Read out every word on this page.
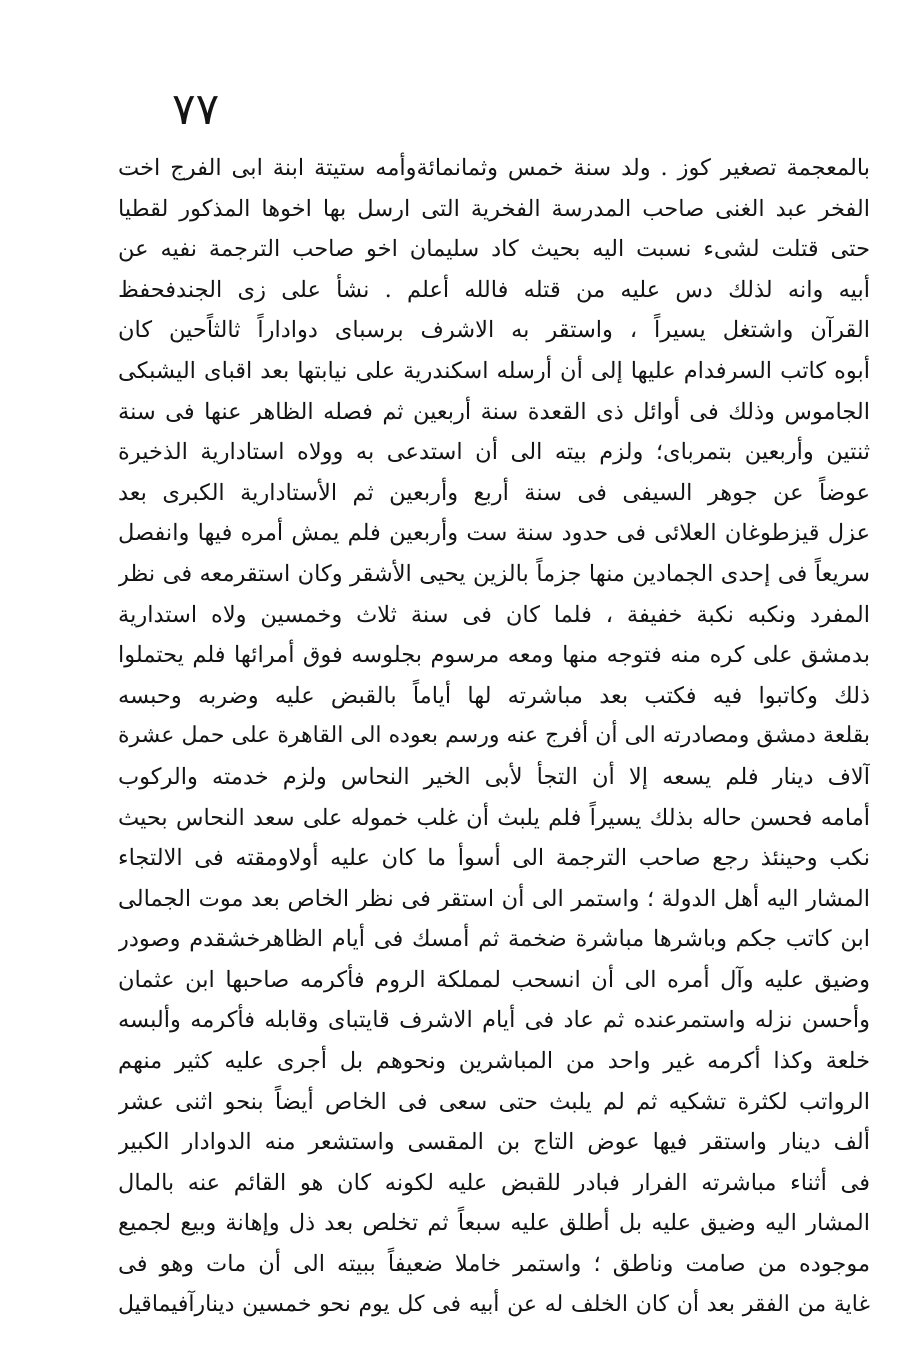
٧٧
بالمعجمة تصغير كوز . ولد سنة خمس وثمانمائةوأمه ستيتة ابنة ابى الفرج اخت
الفخر عبد الغنى صاحب المدرسة الفخرية التى ارسل بها اخوها المذكور لقطيا
حتى قتلت لشىء نسبت اليه بحيث كاد سليمان اخو صاحب الترجمة نفيه عن
أبيه وانه لذلك دس عليه من قتله فالله أعلم . نشأ على زى الجندفحفظ
القرآن واشتغل يسيراً ، واستقر به الاشرف برسباى دواداراً ثالثاًحين كان
أبوه كاتب السرفدام عليها إلى أن أرسله اسكندرية على نيابتها بعد اقباى اليشبكى
الجاموس وذلك فى أوائل ذى القعدة سنة أربعين ثم فصله الظاهر عنها فى سنة
ثنتين وأربعين بتمرباى؛ ولزم بيته الى أن استدعى به وولاه استادارية الذخيرة
عوضاً عن جوهر السيفى فى سنة أربع وأربعين ثم الأستادارية الكبرى بعد
عزل قيزطوغان العلائى فى حدود سنة ست وأربعين فلم يمش أمره فيها وانفصل
سريعاً فى إحدى الجمادين منها جزماً بالزين يحيى الأشقر وكان استقرمعه فى نظر
المفرد ونكبه نكبة خفيفة ، فلما كان فى سنة ثلاث وخمسين ولاه استدارية
بدمشق على كره منه فتوجه منها ومعه مرسوم بجلوسه فوق أمرائها فلم يحتملوا
ذلك وكاتبوا فيه فكتب بعد مباشرته لها أياماً بالقبض عليه وضربه وحبسه
بقلعة دمشق ومصادرته الى أن أفرج عنه ورسم بعوده الى القاهرة على حمل عشرة
آلاف دينار فلم يسعه إلا أن التجأ لأبى الخير النحاس ولزم خدمته والركوب
أمامه فحسن حاله بذلك يسيراً فلم يلبث أن غلب خموله على سعد النحاس بحيث
نكب وحينئذ رجع صاحب الترجمة الى أسوأ ما كان عليه أولاومقته فى الالتجاء
المشار اليه أهل الدولة ؛ واستمر الى أن استقر فى نظر الخاص بعد موت الجمالى
ابن كاتب جكم وباشرها مباشرة ضخمة ثم أمسك فى أيام الظاهرخشقدم وصودر
وضيق عليه وآل أمره الى أن انسحب لمملكة الروم فأكرمه صاحبها ابن عثمان
وأحسن نزله واستمرعنده ثم عاد فى أيام الاشرف قايتباى وقابله فأكرمه وألبسه
خلعة وكذا أكرمه غير واحد من المباشرين ونحوهم بل أجرى عليه كثير منهم
الرواتب لكثرة تشكيه ثم لم يلبث حتى سعى فى الخاص أيضاً بنحو اثنى عشر
ألف دينار واستقر فيها عوض التاج بن المقسى واستشعر منه الدوادار الكبير
فى أثناء مباشرته الفرار فبادر للقبض عليه لكونه كان هو القائم عنه بالمال
المشار اليه وضيق عليه بل أطلق عليه سبعاً ثم تخلص بعد ذل وإهانة وبيع لجميع
موجوده من صامت وناطق ؛ واستمر خاملا ضعيفاً ببيته الى أن مات وهو فى
غاية من الفقر بعد أن كان الخلف له عن أبيه فى كل يوم نحو خمسين دينارآفيماقيل
